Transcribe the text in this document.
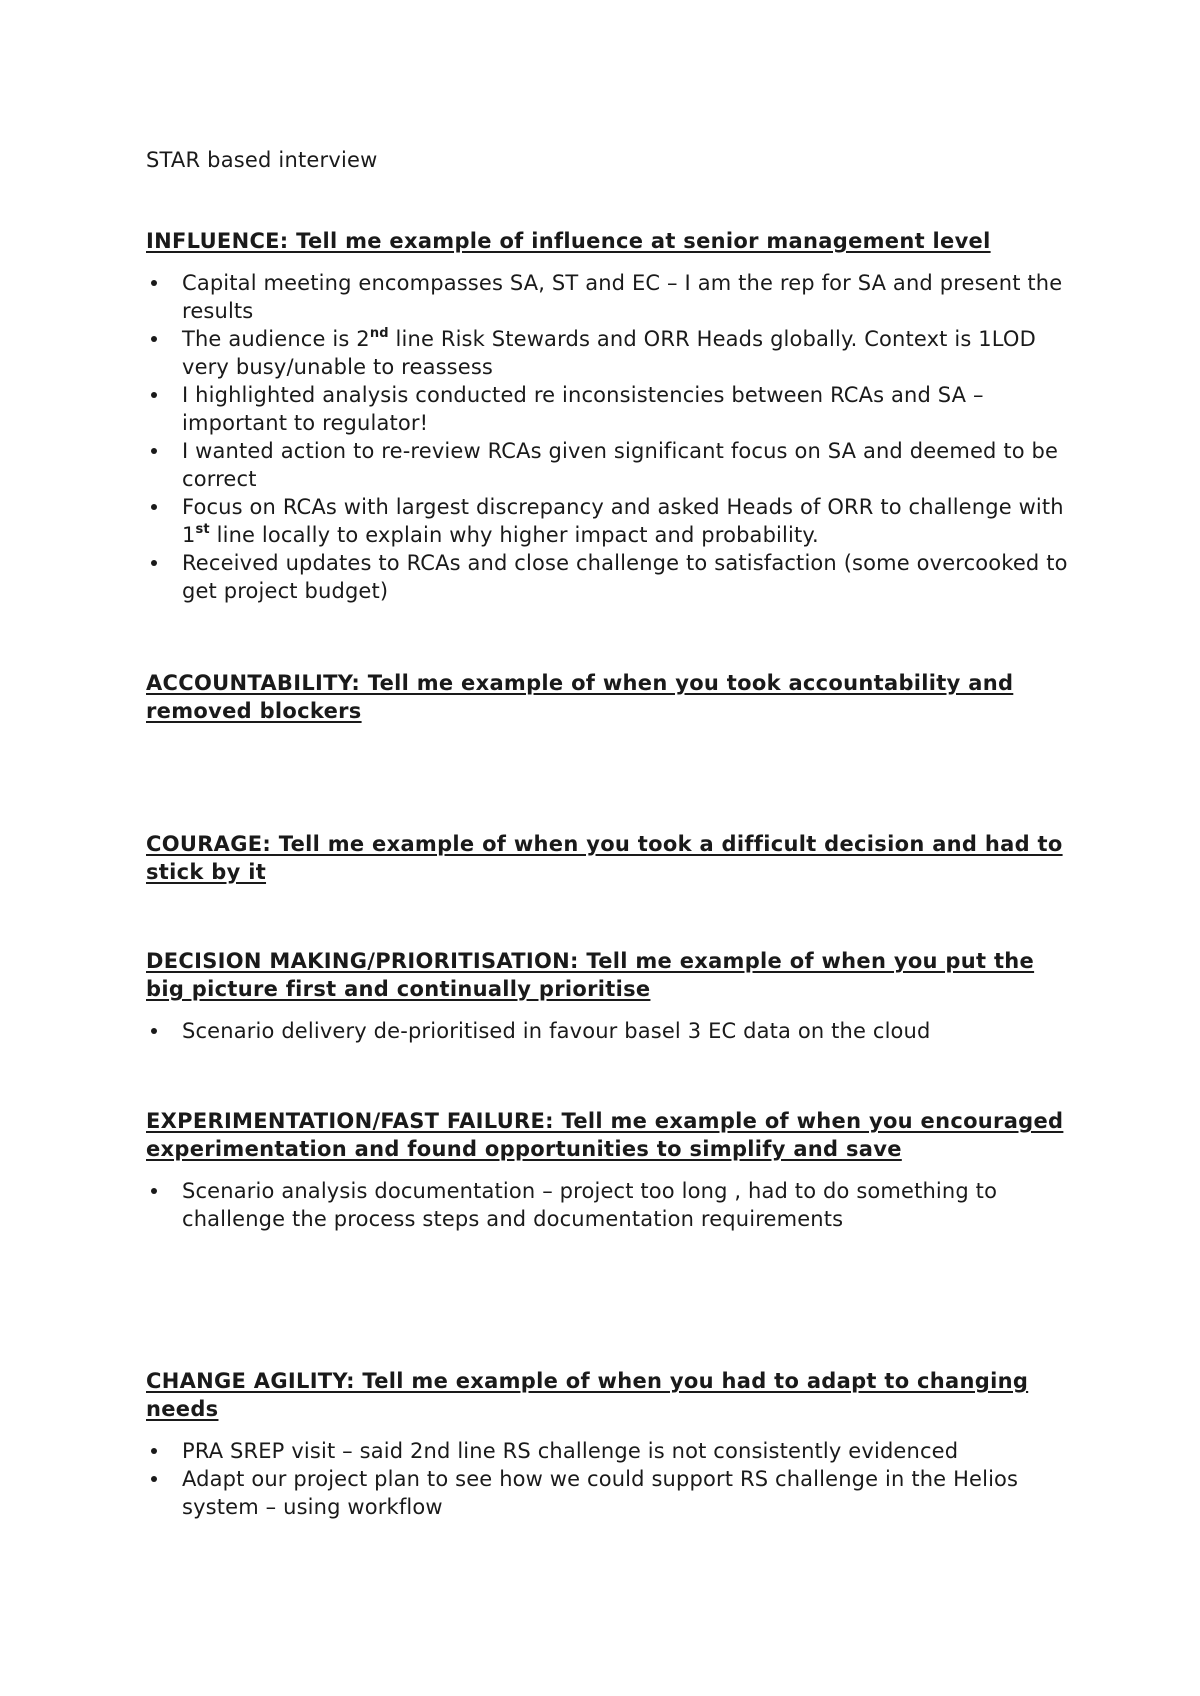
STAR based interview

INFLUENCE: Tell me example of influence at senior management level

Capital meeting encompasses SA, ST and EC – I am the rep for SA and present the results
The audience is 2nd line Risk Stewards and ORR Heads globally. Context is 1LOD very busy/unable to reassess
I highlighted analysis conducted re inconsistencies between RCAs and SA – important to regulator!
I wanted action to re-review RCAs given significant focus on SA and deemed to be correct
Focus on RCAs with largest discrepancy and asked Heads of ORR to challenge with 1st line locally to explain why higher impact and probability.
Received updates to RCAs and close challenge to satisfaction (some overcooked to get project budget)

ACCOUNTABILITY: Tell me example of when you took accountability and removed blockers

COURAGE: Tell me example of when you took a difficult decision and had to stick by it

DECISION MAKING/PRIORITISATION: Tell me example of when you put the big picture first and continually prioritise

Scenario delivery de-prioritised in favour basel 3 EC data on the cloud

EXPERIMENTATION/FAST FAILURE: Tell me example of when you encouraged experimentation and found opportunities to simplify and save

Scenario analysis documentation – project too long , had to do something to challenge the process steps and documentation requirements

CHANGE AGILITY: Tell me example of when you had to adapt to changing needs

PRA SREP visit – said 2nd line RS challenge is not consistently evidenced
Adapt our project plan to see how we could support RS challenge in the Helios system – using workflow
